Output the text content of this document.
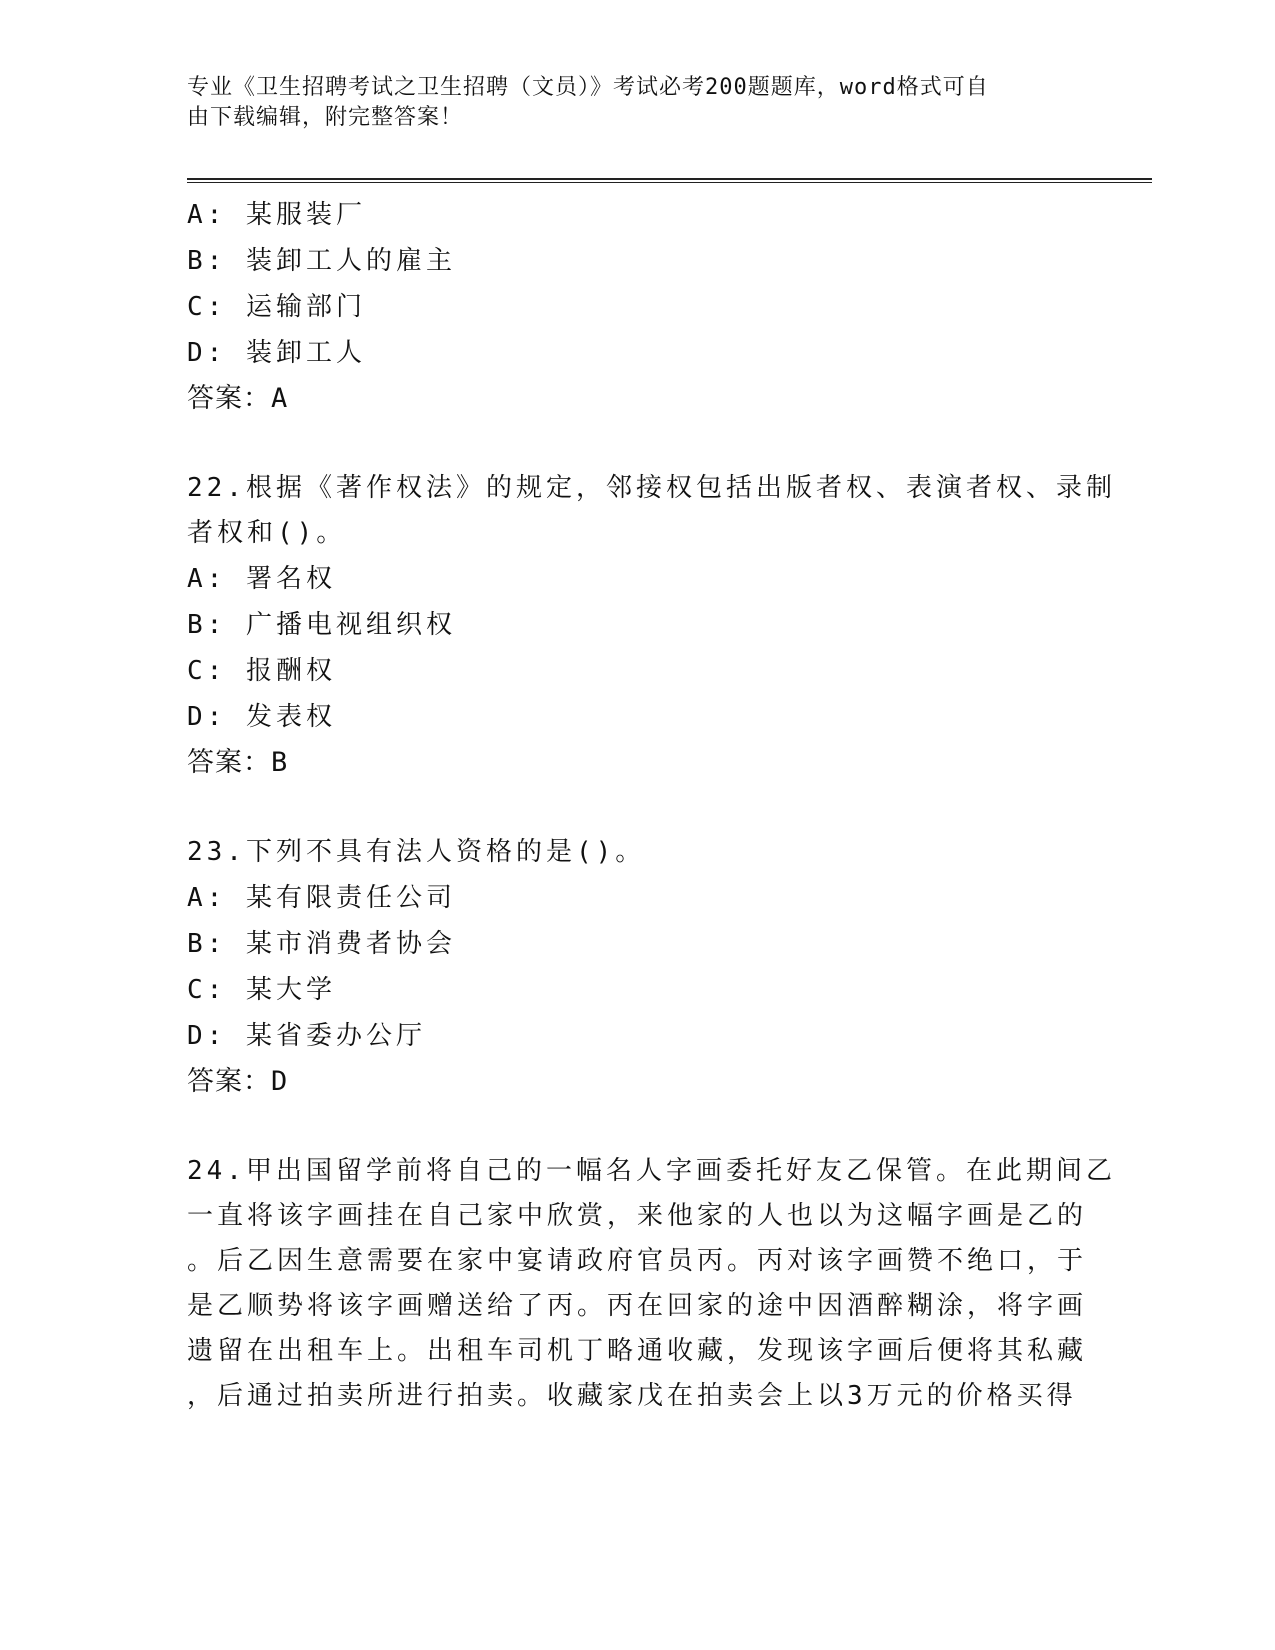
专业《卫生招聘考试之卫生招聘（文员）》考试必考200题题库，word格式可自
由下载编辑，附完整答案！
A: 某服装厂
B: 装卸工人的雇主
C: 运输部门
D: 装卸工人
答案：A
22.根据《著作权法》的规定，邻接权包括出版者权、表演者权、录制
者权和()。
A: 署名权
B: 广播电视组织权
C: 报酬权
D: 发表权
答案：B
23.下列不具有法人资格的是()。
A: 某有限责任公司
B: 某市消费者协会
C: 某大学
D: 某省委办公厅
答案：D
24.甲出国留学前将自己的一幅名人字画委托好友乙保管。在此期间乙
一直将该字画挂在自己家中欣赏，来他家的人也以为这幅字画是乙的
。后乙因生意需要在家中宴请政府官员丙。丙对该字画赞不绝口，于
是乙顺势将该字画赠送给了丙。丙在回家的途中因酒醉糊涂，将字画
遗留在出租车上。出租车司机丁略通收藏，发现该字画后便将其私藏
，后通过拍卖所进行拍卖。收藏家戊在拍卖会上以3万元的价格买得
